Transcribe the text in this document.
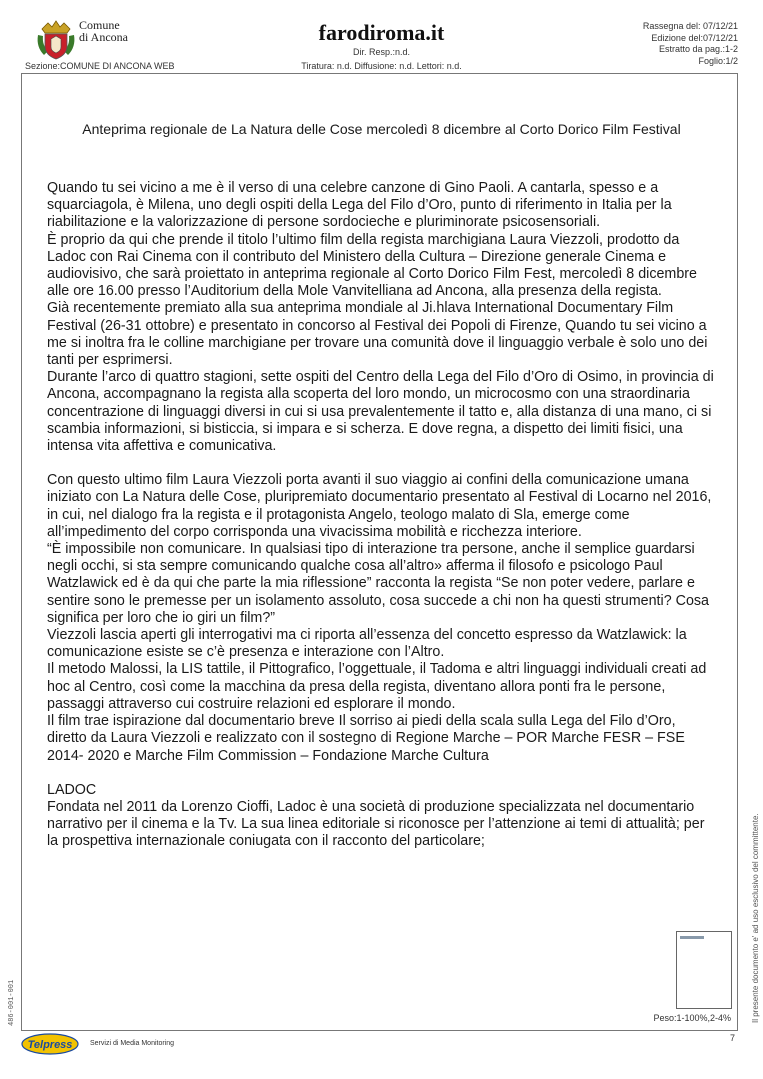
Comune
di Ancona
Sezione:COMUNE DI ANCONA WEB
farodiroma.it
Dir. Resp.:n.d.
Tiratura: n.d. Diffusione: n.d. Lettori: n.d.
Rassegna del: 07/12/21
Edizione del:07/12/21
Estratto da pag.:1-2
Foglio:1/2
Anteprima regionale de La Natura delle Cose mercoledì 8 dicembre al Corto Dorico Film Festival

Quando tu sei vicino a me è il verso di una celebre canzone di Gino Paoli. A cantarla, spesso e a squarciagola, è Milena, uno degli ospiti della Lega del Filo d’Oro, punto di riferimento in Italia per la riabilitazione e la valorizzazione di persone sordocieche e pluriminorate psicosensoriali.

È proprio da qui che prende il titolo l’ultimo film della regista marchigiana Laura Viezzoli, prodotto da Ladoc con Rai Cinema con il contributo del Ministero della Cultura – Direzione generale Cinema e audiovisivo, che sarà proiettato in anteprima regionale al Corto Dorico Film Fest, mercoledì 8 dicembre alle ore 16.00 presso l’Auditorium della Mole Vanvitelliana ad Ancona, alla presenza della regista.

Già recentemente premiato alla sua anteprima mondiale al Ji.hlava International Documentary Film Festival (26-31 ottobre) e presentato in concorso al Festival dei Popoli di Firenze, Quando tu sei vicino a me si inoltra fra le colline marchigiane per trovare una comunità dove il linguaggio verbale è solo uno dei tanti per esprimersi.

Durante l’arco di quattro stagioni, sette ospiti del Centro della Lega del Filo d’Oro di Osimo, in provincia di Ancona, accompagnano la regista alla scoperta del loro mondo, un microcosmo con una straordinaria concentrazione di linguaggi diversi in cui si usa prevalentemente il tatto e, alla distanza di una mano, ci si scambia informazioni, si bisticcia, si impara e si scherza. E dove regna, a dispetto dei limiti fisici, una intensa vita affettiva e comunicativa.

Con questo ultimo film Laura Viezzoli porta avanti il suo viaggio ai confini della comunicazione umana iniziato con La Natura delle Cose, pluripremiato documentario presentato al Festival di Locarno nel 2016, in cui, nel dialogo fra la regista e il protagonista Angelo, teologo malato di Sla, emerge come all’impedimento del corpo corrisponda una vivacissima mobilità e ricchezza interiore.

“È impossibile non comunicare. In qualsiasi tipo di interazione tra persone, anche il semplice guardarsi negli occhi, si sta sempre comunicando qualche cosa all’altro» afferma il filosofo e psicologo Paul Watzlawick ed è da qui che parte la mia riflessione” racconta la regista “Se non poter vedere, parlare e sentire sono le premesse per un isolamento assoluto, cosa succede a chi non ha questi strumenti? Cosa significa per loro che io giri un film?”

Viezzoli lascia aperti gli interrogativi ma ci riporta all’essenza del concetto espresso da Watzlawick: la comunicazione esiste se c’è presenza e interazione con l’Altro.

Il metodo Malossi, la LIS tattile, il Pittografico, l’oggettuale, il Tadoma e altri linguaggi individuali creati ad hoc al Centro, così come la macchina da presa della regista, diventano allora ponti fra le persone, passaggi attraverso cui costruire relazioni ed esplorare il mondo.

Il film trae ispirazione dal documentario breve Il sorriso ai piedi della scala sulla Lega del Filo d’Oro, diretto da Laura Viezzoli e realizzato con il sostegno di Regione Marche – POR Marche FESR – FSE 2014- 2020 e Marche Film Commission – Fondazione Marche Cultura

LADOC

Fondata nel 2011 da Lorenzo Cioffi, Ladoc è una società di produzione specializzata nel documentario narrativo per il cinema e la Tv. La sua linea editoriale si riconosce per l’attenzione ai temi di attualità; per la prospettiva internazionale coniugata con il racconto del particolare;

Peso:1-100%,2-4%
7
Il presente documento e' ad uso esclusivo del committente.
486-001-001
Telpress	Servizi di Media Monitoring
